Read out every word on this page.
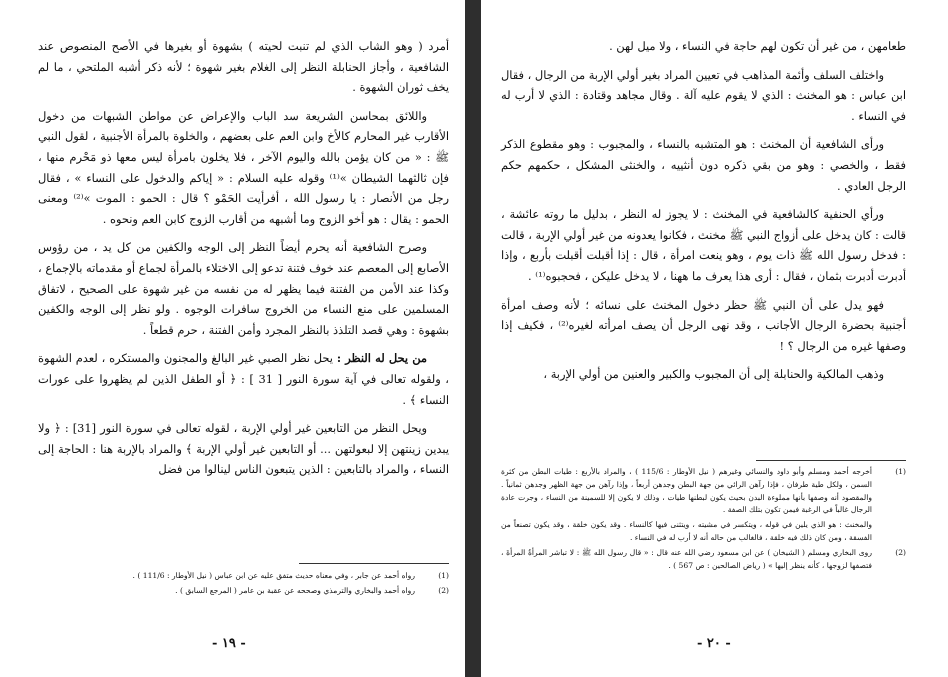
أمرد ( وهو الشاب الذي لم تنبت لحيته ) بشهوة أو بغيرها في الأصح المنصوص عند الشافعية ، وأجاز الحنابلة النظر إلى الغلام بغير شهوة ؛ لأنه ذكر أشبه الملتحي ، ما لم يخف ثوران الشهوة .

واللائق بمحاسن الشريعة سد الباب والإعراض عن مواطن الشبهات من دخول الأقارب غير المحارم كالأخ وابن العم على بعضهم ، والخلوة بالمرأة الأجنبية ، لقول النبي ﷺ : « من كان يؤمن بالله واليوم الآخر ، فلا يخلون بامرأة ليس معها ذو مَحْرم منها ، فإن ثالثهما الشيطان »⁽¹⁾ وقوله عليه السلام : « إياكم والدخول على النساء » ، فقال رجل من الأنصار : يا رسول الله ، أفرأيت الحَمْو ؟ قال : الحمو : الموت »⁽²⁾ ومعنى الحمو : يقال : هو أخو الزوج وما أشبهه من أقارب الزوج كابن العم ونحوه .

وصرح الشافعية أنه يحرم أيضاً النظر إلى الوجه والكفين من كل يد ، من رؤوس الأصابع إلى المعصم عند خوف فتنة تدعو إلى الاختلاء بالمرأة لجماع أو مقدماته بالإجماع ، وكذا عند الأمن من الفتنة فيما يظهر له من نفسه من غير شهوة على الصحيح ، لاتفاق المسلمين على منع النساء من الخروج سافرات الوجوه . ولو نظر إلى الوجه والكفين بشهوة : وهي قصد التلذذ بالنظر المجرد وأمن الفتنة ، حرم قطعاً .

من يحل له النظر : يحل نظر الصبي غير البالغ والمجنون والمستكره ، لعدم الشهوة ، ولقوله تعالى في آية سورة النور [ 31 ] : ﴿ أو الطفل الذين لم يظهروا على عورات النساء ﴾ .

ويحل النظر من التابعين غير أولي الإربة ، لقوله تعالى في سورة النور [31] : ﴿ ولا يبدين زينتهن إلا لبعولتهن ... أو التابعين غير أولي الإربة ﴾ والمراد بالإربة هنا : الحاجة إلى النساء ، والمراد بالتابعين : الذين يتبعون الناس لينالوا من فضل

(1)
رواه أحمد عن جابر ، وفي معناه حديث متفق عليه عن ابن عباس ( نيل الأوطار : 111/6 ) .
(2)
رواه أحمد والبخاري والترمذي وصححه عن عقبة بن عامر ( المرجع السابق ) .
- ١٩ -

طعامهن ، من غير أن تكون لهم حاجة في النساء ، ولا ميل لهن .

واختلف السلف وأئمة المذاهب في تعيين المراد بغير أولي الإربة من الرجال ، فقال ابن عباس : هو المخنث : الذي لا يقوم عليه آلة . وقال مجاهد وقتادة : الذي لا أرب له في النساء .

ورأى الشافعية أن المخنث : هو المتشبه بالنساء ، والمجبوب : وهو مقطوع الذكر فقط ، والخصي : وهو من بقي ذكره دون أنثييه ، والخنثى المشكل ، حكمهم حكم الرجل العادي .

ورأي الحنفية كالشافعية في المخنث : لا يجوز له النظر ، بدليل ما روته عائشة ، قالت : كان يدخل على أزواج النبي ﷺ مخنث ، فكانوا يعدونه من غير أولي الإربة ، قالت : فدخل رسول الله ﷺ ذات يوم ، وهو ينعت امرأة ، قال : إذا أقبلت أقبلت بأربع ، وإذا أدبرت أدبرت بثمان ، فقال : أرى هذا يعرف ما ههنا ، لا يدخل عليكن ، فحجبوه⁽¹⁾ .

فهو يدل على أن النبي ﷺ حظر دخول المخنث على نسائه ؛ لأنه وصف امرأة أجنبية بحضرة الرجال الأجانب ، وقد نهى الرجل أن يصف امرأته لغيره⁽²⁾ ، فكيف إذا وصفها غيره من الرجال ؟ !

وذهب المالكية والحنابلة إلى أن المجبوب والكبير والعنين من أولي الإربة ،

(1)
أخرجه أحمد ومسلم وأبو داود والنسائي وغيرهم ( نيل الأوطار : 115/6 ) ، والمراد بالأربع : طيات البطن من كثرة السمن ، ولكل طية طرفان ، فإذا رآهن الرائي من جهة البطن وجدهن أربعاً ، وإذا رآهن من جهة الظهر وجدهن ثمانياً . والمقصود أنه وصفها بأنها مملوءة البدن بحيث يكون لبطنها طيات ، وذلك لا يكون إلا للسمينة من النساء ، وجرت عادة الرجال غالباً في الرغبة فيمن تكون بتلك الصفة .
والمخنث : هو الذي يلين في قوله ، ويتكسر في مشيته ، ويتثنى فيها كالنساء . وقد يكون خلقة ، وقد يكون تصنعاً من الفسقة ، ومن كان ذلك فيه خلقة ، فالغالب من حاله أنه لا أرب له في النساء .
(2)
روى البخاري ومسلم ( الشيخان ) عن ابن مسعود رضي الله عنه قال : « قال رسول الله ﷺ : لا تباشر المرأةُ المرأةَ ، فتصفها لزوجها ، كأنه ينظر إليها » ( رياض الصالحين : ص 567 ) .
- ٢٠ -
